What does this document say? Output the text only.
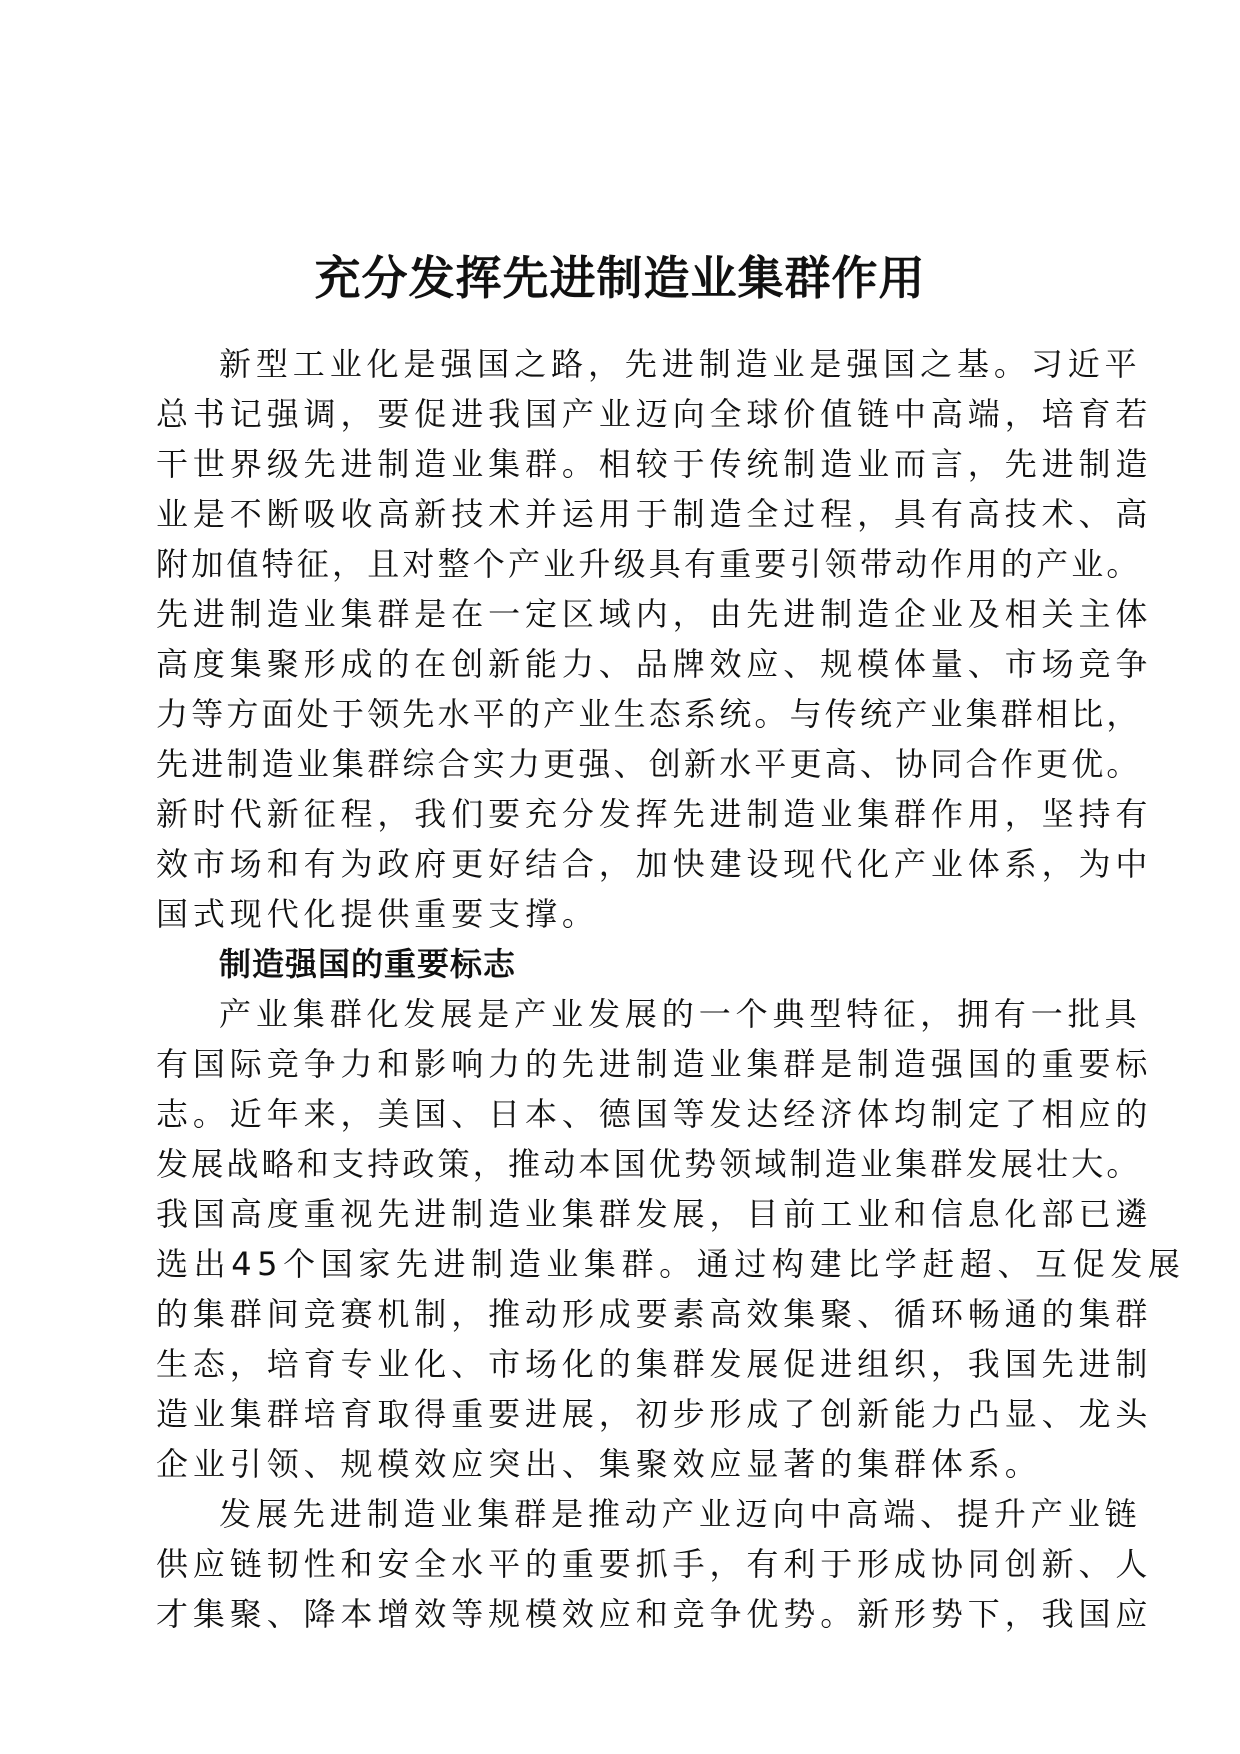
充分发挥先进制造业集群作用
新型工业化是强国之路，先进制造业是强国之基。习近平
总书记强调，要促进我国产业迈向全球价值链中高端，培育若
干世界级先进制造业集群。相较于传统制造业而言，先进制造
业是不断吸收高新技术并运用于制造全过程，具有高技术、高
附加值特征，且对整个产业升级具有重要引领带动作用的产业。
先进制造业集群是在一定区域内，由先进制造企业及相关主体
高度集聚形成的在创新能力、品牌效应、规模体量、市场竞争
力等方面处于领先水平的产业生态系统。与传统产业集群相比，
先进制造业集群综合实力更强、创新水平更高、协同合作更优。
新时代新征程，我们要充分发挥先进制造业集群作用，坚持有
效市场和有为政府更好结合，加快建设现代化产业体系，为中
国式现代化提供重要支撑。
制造强国的重要标志
产业集群化发展是产业发展的一个典型特征，拥有一批具
有国际竞争力和影响力的先进制造业集群是制造强国的重要标
志。近年来，美国、日本、德国等发达经济体均制定了相应的
发展战略和支持政策，推动本国优势领域制造业集群发展壮大。
我国高度重视先进制造业集群发展，目前工业和信息化部已遴
选出45个国家先进制造业集群。通过构建比学赶超、互促发展
的集群间竞赛机制，推动形成要素高效集聚、循环畅通的集群
生态，培育专业化、市场化的集群发展促进组织，我国先进制
造业集群培育取得重要进展，初步形成了创新能力凸显、龙头
企业引领、规模效应突出、集聚效应显著的集群体系。
发展先进制造业集群是推动产业迈向中高端、提升产业链
供应链韧性和安全水平的重要抓手，有利于形成协同创新、人
才集聚、降本增效等规模效应和竞争优势。新形势下，我国应
